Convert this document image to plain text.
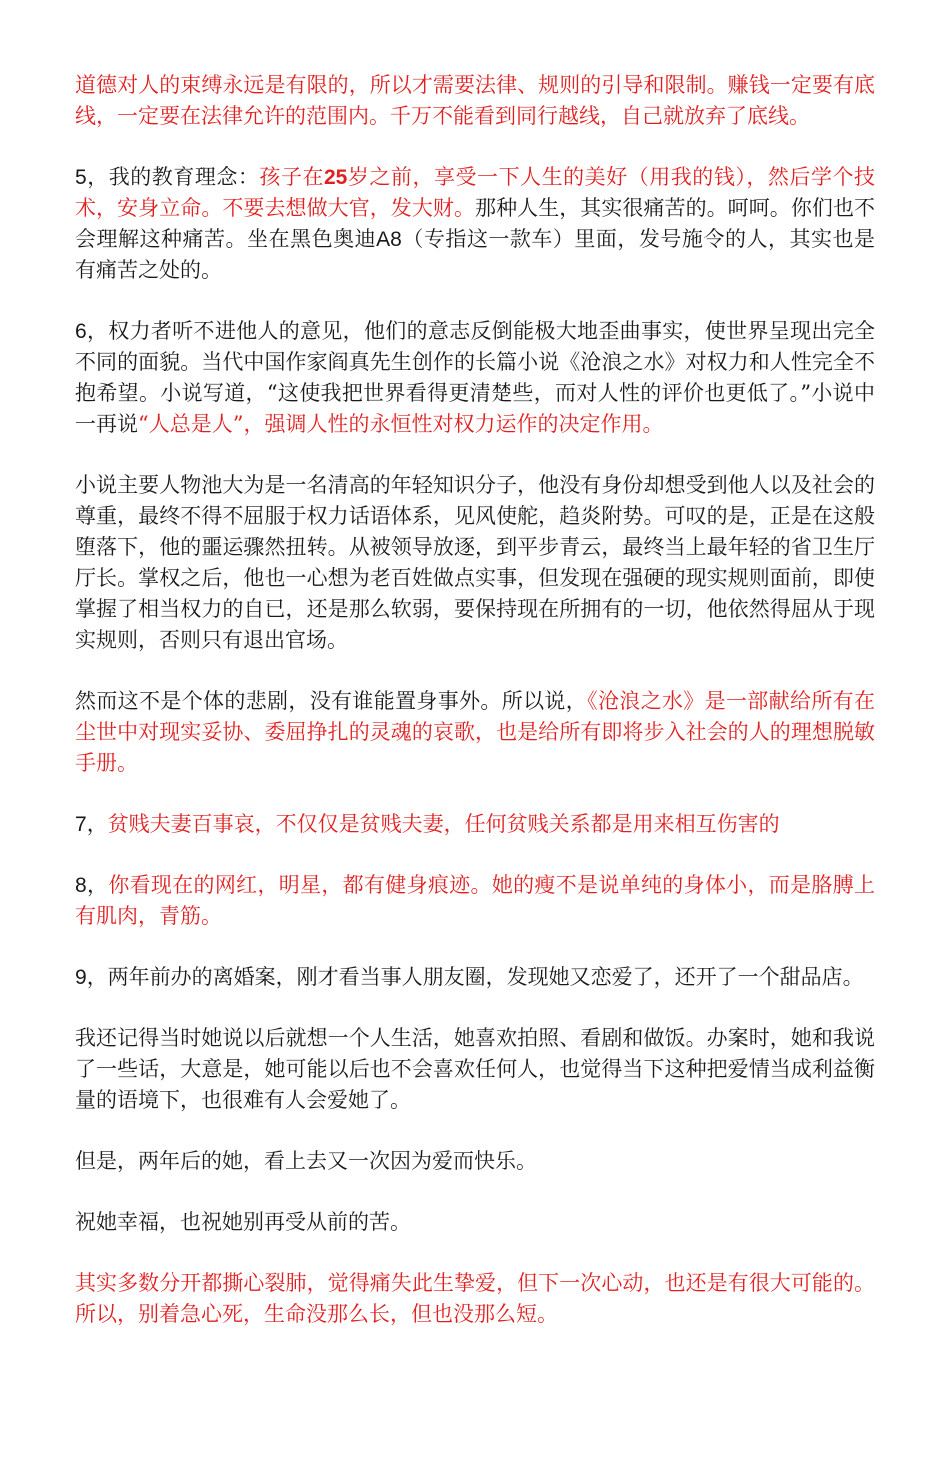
道德对人的束缚永远是有限的，所以才需要法律、规则的引导和限制。赚钱一定要有底线，一定要在法律允许的范围内。千万不能看到同行越线，自己就放弃了底线。

5，我的教育理念：孩子在25岁之前，享受一下人生的美好（用我的钱），然后学个技术，安身立命。不要去想做大官，发大财。那种人生，其实很痛苦的。呵呵。你们也不会理解这种痛苦。坐在黑色奥迪A8（专指这一款车）里面，发号施令的人，其实也是有痛苦之处的。

6，权力者听不进他人的意见，他们的意志反倒能极大地歪曲事实，使世界呈现出完全不同的面貌。当代中国作家阎真先生创作的长篇小说《沧浪之水》对权力和人性完全不抱希望。小说写道，“这使我把世界看得更清楚些，而对人性的评价也更低了。”小说中一再说“人总是人”，强调人性的永恒性对权力运作的决定作用。

小说主要人物池大为是一名清高的年轻知识分子，他没有身份却想受到他人以及社会的尊重，最终不得不屈服于权力话语体系，见风使舵，趋炎附势。可叹的是，正是在这般堕落下，他的噩运骤然扭转。从被领导放逐，到平步青云，最终当上最年轻的省卫生厅厅长。掌权之后，他也一心想为老百姓做点实事，但发现在强硬的现实规则面前，即使掌握了相当权力的自已，还是那么软弱，要保持现在所拥有的一切，他依然得屈从于现实规则，否则只有退出官场。

然而这不是个体的悲剧，没有谁能置身事外。所以说，《沧浪之水》是一部献给所有在尘世中对现实妥协、委屈挣扎的灵魂的哀歌，也是给所有即将步入社会的人的理想脱敏手册。

7，贫贱夫妻百事哀，不仅仅是贫贱夫妻，任何贫贱关系都是用来相互伤害的

8，你看现在的网红，明星，都有健身痕迹。她的瘦不是说单纯的身体小，而是胳膊上有肌肉，青筋。

9，两年前办的离婚案，刚才看当事人朋友圈，发现她又恋爱了，还开了一个甜品店。

我还记得当时她说以后就想一个人生活，她喜欢拍照、看剧和做饭。办案时，她和我说了一些话，大意是，她可能以后也不会喜欢任何人，也觉得当下这种把爱情当成利益衡量的语境下，也很难有人会爱她了。

但是，两年后的她，看上去又一次因为爱而快乐。

祝她幸福，也祝她别再受从前的苦。

其实多数分开都撕心裂肺，觉得痛失此生挚爱，但下一次心动，也还是有很大可能的。所以，别着急心死，生命没那么长，但也没那么短。
